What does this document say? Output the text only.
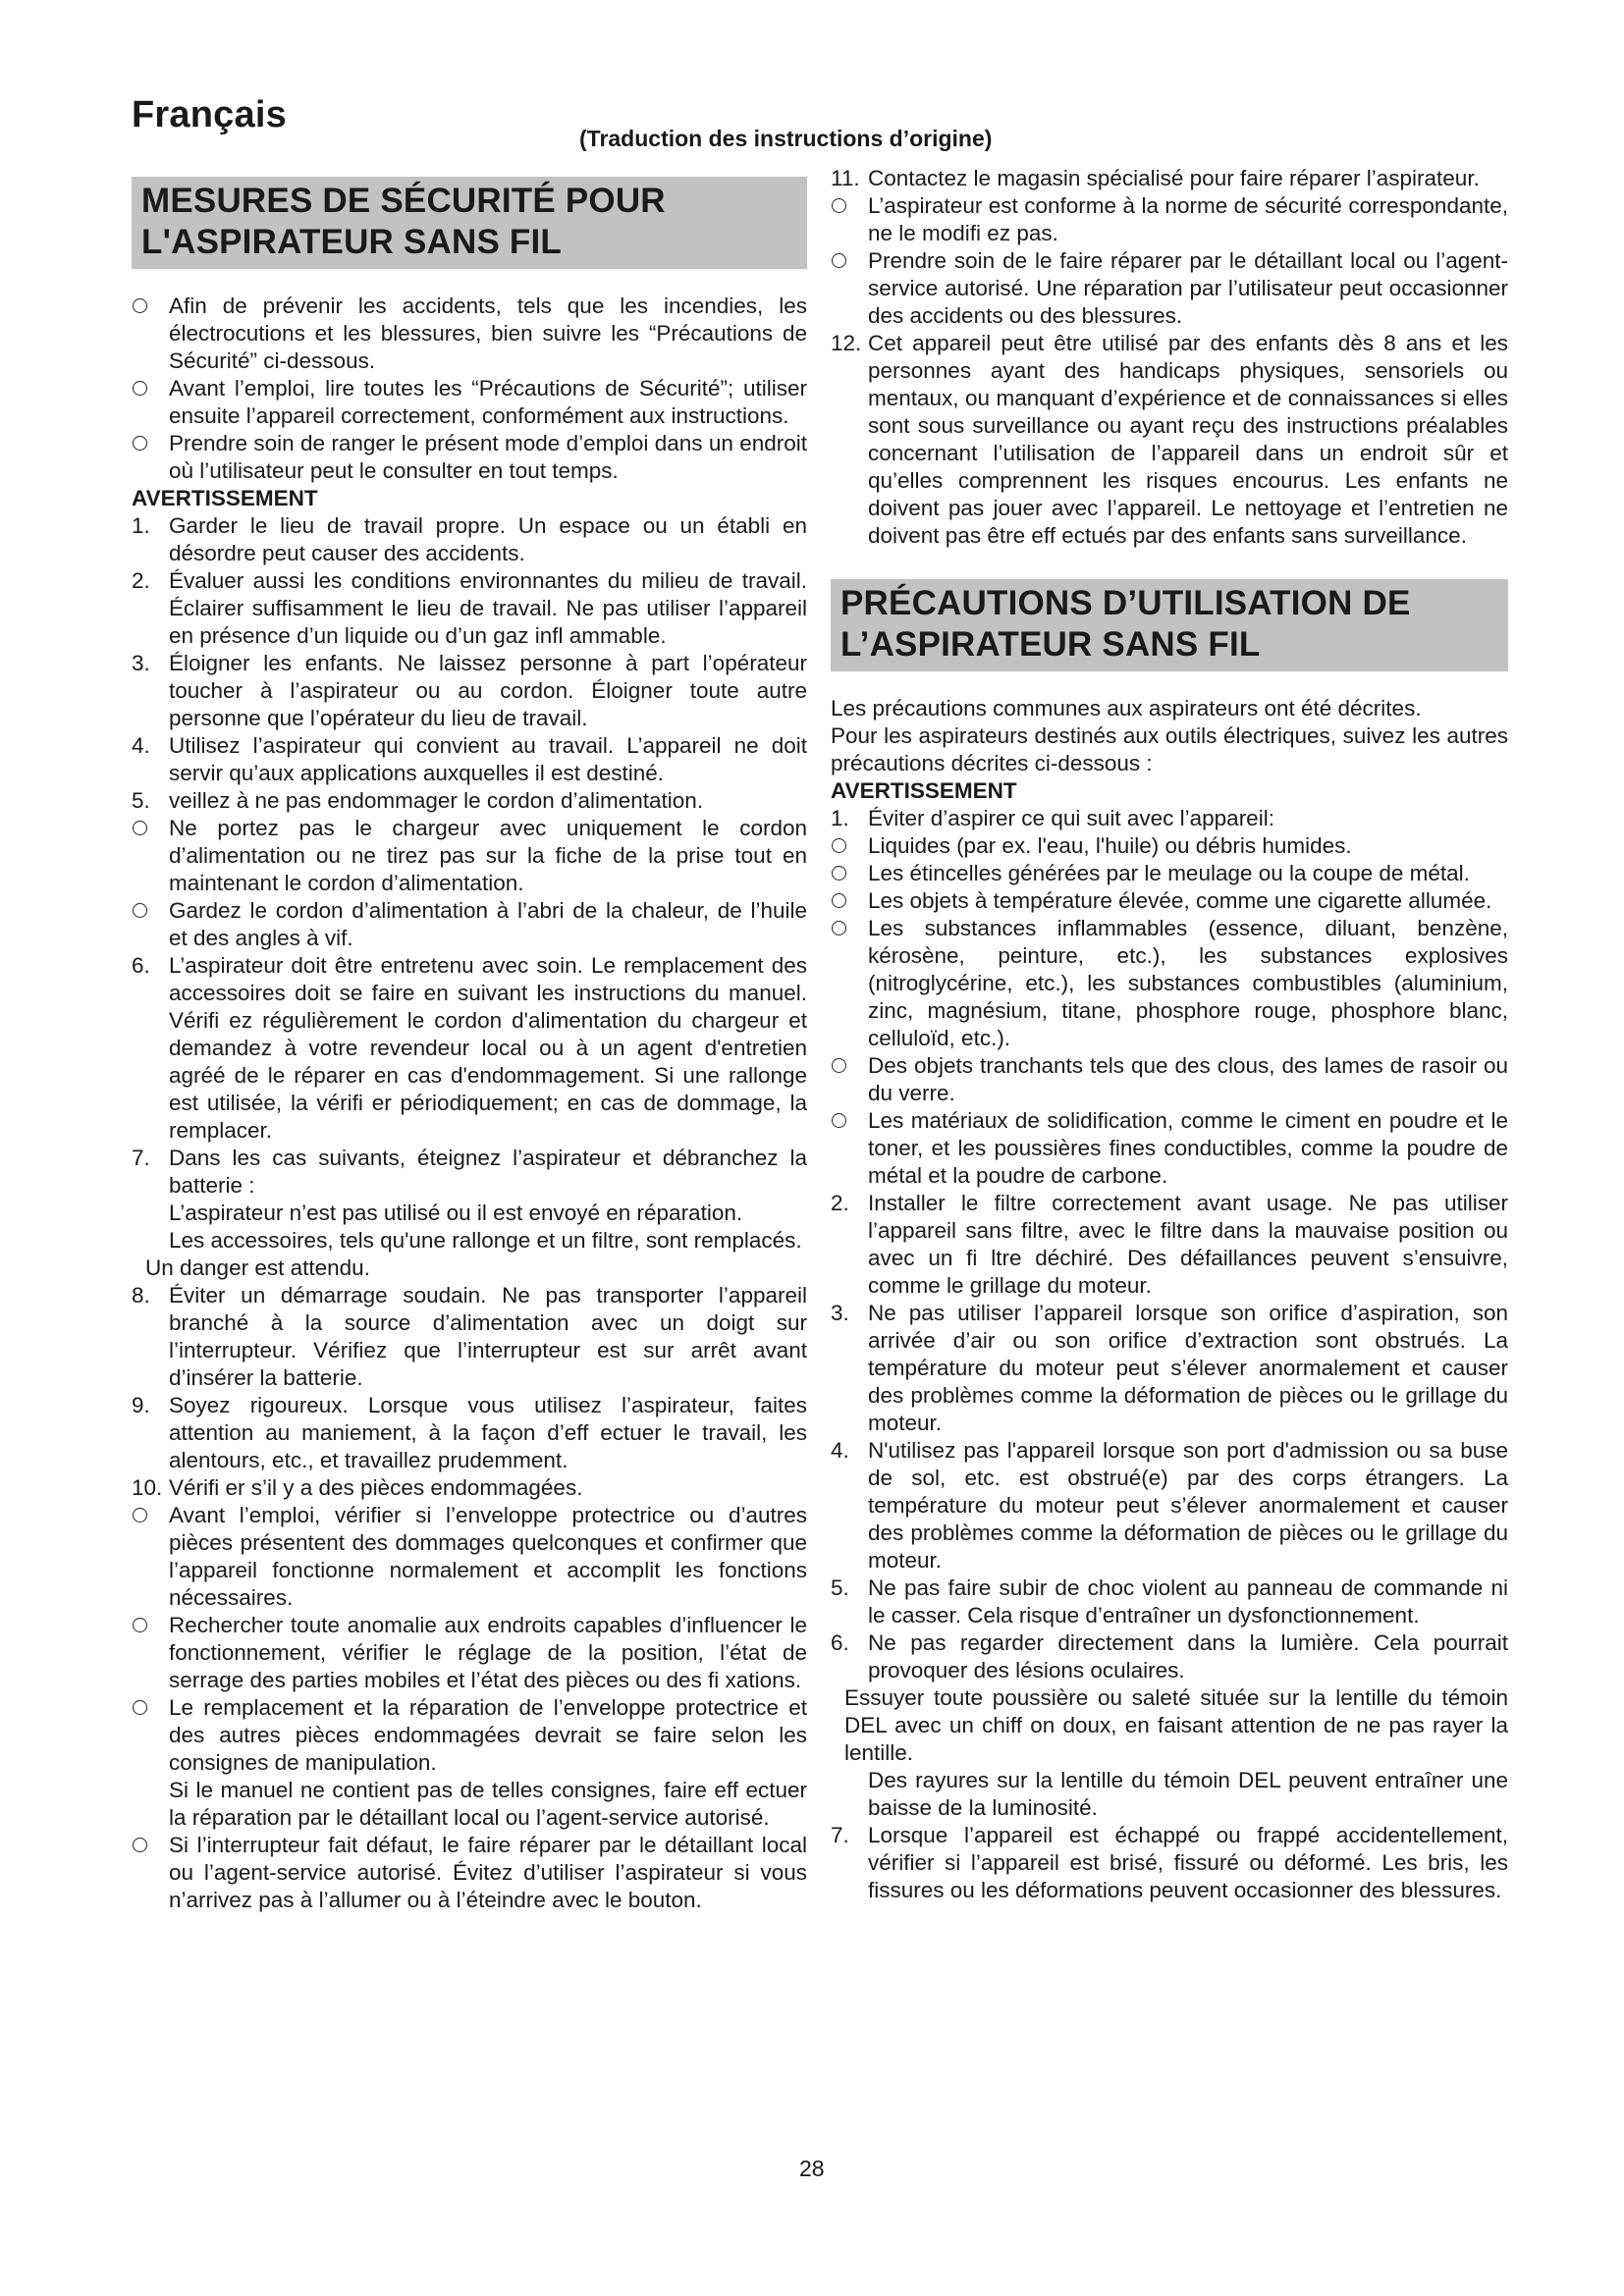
Français
(Traduction des instructions d’origine)
MESURES DE SÉCURITÉ POUR
L'ASPIRATEUR SANS FIL
Afin de prévenir les accidents, tels que les incendies, les électrocutions et les blessures, bien suivre les “Précautions de Sécurité” ci-dessous.
Avant l’emploi, lire toutes les “Précautions de Sécurité”; utiliser ensuite l’appareil correctement, conformément aux instructions.
Prendre soin de ranger le présent mode d’emploi dans un endroit où l’utilisateur peut le consulter en tout temps.
AVERTISSEMENT
1. Garder le lieu de travail propre. Un espace ou un établi en désordre peut causer des accidents.
2. Évaluer aussi les conditions environnantes du milieu de travail. Éclairer suffisamment le lieu de travail. Ne pas utiliser l’appareil en présence d’un liquide ou d’un gaz infl ammable.
3. Éloigner les enfants. Ne laissez personne à part l’opérateur toucher à l’aspirateur ou au cordon. Éloigner toute autre personne que l’opérateur du lieu de travail.
4. Utilisez l’aspirateur qui convient au travail. L’appareil ne doit servir qu’aux applications auxquelles il est destiné.
5. veillez à ne pas endommager le cordon d’alimentation.
Ne portez pas le chargeur avec uniquement le cordon d’alimentation ou ne tirez pas sur la fiche de la prise tout en maintenant le cordon d’alimentation.
Gardez le cordon d’alimentation à l’abri de la chaleur, de l’huile et des angles à vif.
6. L’aspirateur doit être entretenu avec soin. Le remplacement des accessoires doit se faire en suivant les instructions du manuel. Vérifi ez régulièrement le cordon d'alimentation du chargeur et demandez à votre revendeur local ou à un agent d'entretien agréé de le réparer en cas d'endommagement. Si une rallonge est utilisée, la vérifi er périodiquement; en cas de dommage, la remplacer.
7. Dans les cas suivants, éteignez l’aspirateur et débranchez la batterie :
L’aspirateur n’est pas utilisé ou il est envoyé en réparation.
Les accessoires, tels qu'une rallonge et un filtre, sont remplacés.
Un danger est attendu.
8. Éviter un démarrage soudain. Ne pas transporter l’appareil branché à la source d’alimentation avec un doigt sur l’interrupteur. Vérifiez que l’interrupteur est sur arrêt avant d’insérer la batterie.
9. Soyez rigoureux. Lorsque vous utilisez l’aspirateur, faites attention au maniement, à la façon d’eff ectuer le travail, les alentours, etc., et travaillez prudemment.
10. Vérifi er s’il y a des pièces endommagées.
Avant l’emploi, vérifier si l’enveloppe protectrice ou d’autres pièces présentent des dommages quelconques et confirmer que l’appareil fonctionne normalement et accomplit les fonctions nécessaires.
Rechercher toute anomalie aux endroits capables d’influencer le fonctionnement, vérifier le réglage de la position, l’état de serrage des parties mobiles et l’état des pièces ou des fi xations.
Le remplacement et la réparation de l’enveloppe protectrice et des autres pièces endommagées devrait se faire selon les consignes de manipulation.
Si le manuel ne contient pas de telles consignes, faire eff ectuer la réparation par le détaillant local ou l’agent-service autorisé.
Si l’interrupteur fait défaut, le faire réparer par le détaillant local ou l’agent-service autorisé. Évitez d’utiliser l’aspirateur si vous n’arrivez pas à l’allumer ou à l’éteindre avec le bouton.
11. Contactez le magasin spécialisé pour faire réparer l’aspirateur.
L’aspirateur est conforme à la norme de sécurité correspondante, ne le modifi ez pas.
Prendre soin de le faire réparer par le détaillant local ou l’agent-service autorisé. Une réparation par l’utilisateur peut occasionner des accidents ou des blessures.
12. Cet appareil peut être utilisé par des enfants dès 8 ans et les personnes ayant des handicaps physiques, sensoriels ou mentaux, ou manquant d’expérience et de connaissances si elles sont sous surveillance ou ayant reçu des instructions préalables concernant l’utilisation de l’appareil dans un endroit sûr et qu’elles comprennent les risques encourus. Les enfants ne doivent pas jouer avec l’appareil. Le nettoyage et l’entretien ne doivent pas être eff ectués par des enfants sans surveillance.
PRÉCAUTIONS D’UTILISATION DE
L’ASPIRATEUR SANS FIL
Les précautions communes aux aspirateurs ont été décrites.
Pour les aspirateurs destinés aux outils électriques, suivez les autres précautions décrites ci-dessous :
AVERTISSEMENT
1. Éviter d’aspirer ce qui suit avec l’appareil:
Liquides (par ex. l'eau, l'huile) ou débris humides.
Les étincelles générées par le meulage ou la coupe de métal.
Les objets à température élevée, comme une cigarette allumée.
Les substances inflammables (essence, diluant, benzène, kérosène, peinture, etc.), les substances explosives (nitroglycérine, etc.), les substances combustibles (aluminium, zinc, magnésium, titane, phosphore rouge, phosphore blanc, celluloïd, etc.).
Des objets tranchants tels que des clous, des lames de rasoir ou du verre.
Les matériaux de solidification, comme le ciment en poudre et le toner, et les poussières fines conductibles, comme la poudre de métal et la poudre de carbone.
2. Installer le filtre correctement avant usage. Ne pas utiliser l’appareil sans filtre, avec le filtre dans la mauvaise position ou avec un fi ltre déchiré. Des défaillances peuvent s’ensuivre, comme le grillage du moteur.
3. Ne pas utiliser l’appareil lorsque son orifice d’aspiration, son arrivée d’air ou son orifice d’extraction sont obstrués. La température du moteur peut s’élever anormalement et causer des problèmes comme la déformation de pièces ou le grillage du moteur.
4. N'utilisez pas l'appareil lorsque son port d'admission ou sa buse de sol, etc. est obstrué(e) par des corps étrangers. La température du moteur peut s’élever anormalement et causer des problèmes comme la déformation de pièces ou le grillage du moteur.
5. Ne pas faire subir de choc violent au panneau de commande ni le casser. Cela risque d’entraîner un dysfonctionnement.
6. Ne pas regarder directement dans la lumière. Cela pourrait provoquer des lésions oculaires.
Essuyer toute poussière ou saleté située sur la lentille du témoin DEL avec un chiff on doux, en faisant attention de ne pas rayer la lentille.
Des rayures sur la lentille du témoin DEL peuvent entraîner une baisse de la luminosité.
7. Lorsque l’appareil est échappé ou frappé accidentellement, vérifier si l’appareil est brisé, fissuré ou déformé. Les bris, les fissures ou les déformations peuvent occasionner des blessures.
28
